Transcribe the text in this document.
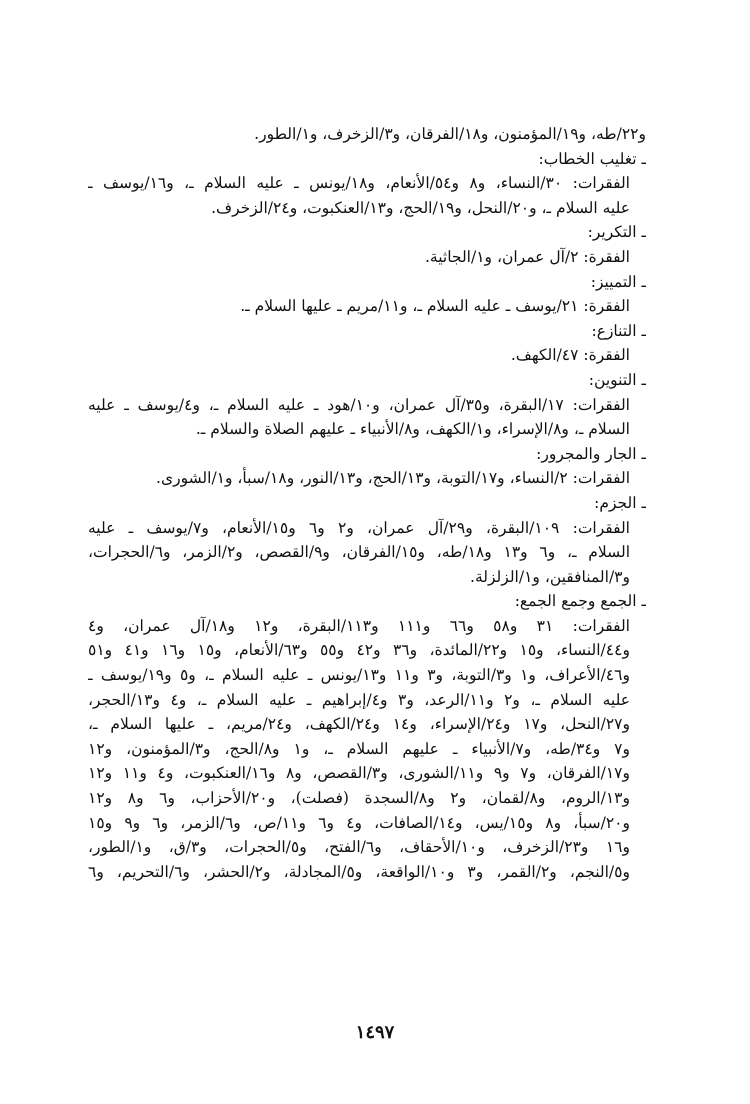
و٢٢/طه، و١٩/المؤمنون، و١٨/الفرقان، و٣/الزخرف، و١/الطور.
ـ تغليب الخطاب:
الفقرات: ٣٠/النساء، و٨ و٥٤/الأنعام، و١٨/يونس ـ عليه السلام ـ، و١٦/يوسف ـ
عليه السلام ـ، و٢٠/النحل، و١٩/الحج، و١٣/العنكبوت، و٢٤/الزخرف.
ـ التكرير:
الفقرة: ٢/آل عمران، و١/الجاثية.
ـ التمييز:
الفقرة: ٢١/يوسف ـ عليه السلام ـ، و١١/مريم ـ عليها السلام ـ.
ـ التنازع:
الفقرة: ٤٧/الكهف.
ـ التنوين:
الفقرات: ١٧/البقرة، و٣٥/آل عمران، و١٠/هود ـ عليه السلام ـ، و٤/يوسف ـ عليه
السلام ـ، و٨/الإسراء، و١/الكهف، و٨/الأنبياء ـ عليهم الصلاة والسلام ـ.
ـ الجار والمجرور:
الفقرات: ٢/النساء، و١٧/التوبة، و١٣/الحج، و١٣/النور، و١٨/سبأ، و١/الشورى.
ـ الجزم:
الفقرات: ١٠٩/البقرة، و٢٩/آل عمران، و٢ و٦ و١٥/الأنعام، و٧/يوسف ـ عليه
السلام ـ، و٦ و١٣ و١٨/طه، و١٥/الفرقان، و٩/القصص، و٢/الزمر، و٦/الحجرات،
و٣/المنافقين، و١/الزلزلة.
ـ الجمع وجمع الجمع:
الفقرات: ٣١ و٥٨ و٦٦ و١١١ و١١٣/البقرة، و١٢ و١٨/آل عمران، و٤
و٤٤/النساء، و١٥ و٢٢/المائدة، و٣٦ و٤٢ و٥٥ و٦٣/الأنعام، و١٥ و١٦ و٤١ و٥١
و٤٦/الأعراف، و١ و٣/التوبة، و٣ و١١ و١٣/يونس ـ عليه السلام ـ، و٥ و١٩/يوسف ـ
عليه السلام ـ، و٢ و١١/الرعد، و٣ و٤/إبراهيم ـ عليه السلام ـ، و٤ و١٣/الحجر،
و٢٧/النحل، و١٧ و٢٤/الإسراء، و١٤ و٢٤/الكهف، و٢٤/مريم، ـ عليها السلام ـ،
و٧ و٣٤/طه، و٧/الأنبياء ـ عليهم السلام ـ، و١ و٨/الحج، و٣/المؤمنون، و١٢
و١٧/الفرقان، و٧ و٩ و١١/الشورى، و٣/القصص، و٨ و١٦/العنكبوت، و٤ و١١ و١٢
و١٣/الروم، و٨/لقمان، و٢ و٨/السجدة (فصلت)، و٢٠/الأحزاب، و٦ و٨ و١٢
و٢٠/سبأ، و٨ و١٥/يس، و١٤/الصافات، و٤ و٦ و١١/ص، و٦/الزمر، و٦ و٩ و١٥
و١٦ و٢٣/الزخرف، و١٠/الأحقاف، و٦/الفتح، و٥/الحجرات، و٣/ق، و١/الطور،
و٥/النجم، و٢/القمر، و٣ و١٠/الواقعة، و٥/المجادلة، و٢/الحشر، و٦/التحريم، و٦
١٤٩٧
